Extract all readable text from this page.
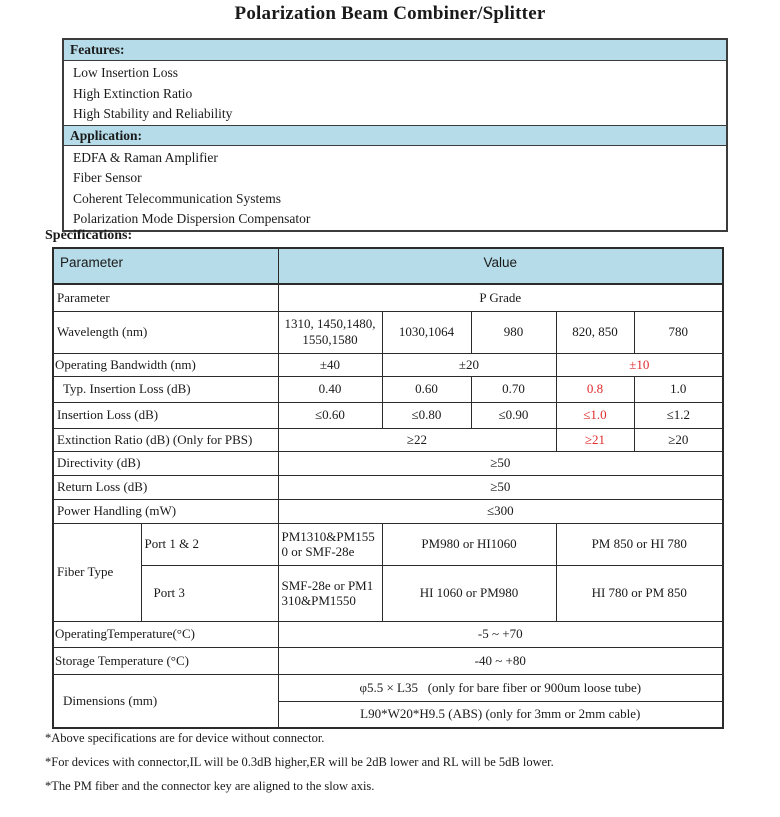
Polarization Beam Combiner/Splitter
Features:
Low Insertion Loss
High Extinction Ratio
High Stability and Reliability
Application:
EDFA & Raman Amplifier
Fiber Sensor
Coherent Telecommunication Systems
Polarization Mode Dispersion Compensator
Specifications:
Parameter		Value				
Parameter		P Grade				
Wavelength (nm)		1310, 1450,1480, 1550,1580	1030,1064	980	820, 850	780
Operating Bandwidth (nm)		±40	±20		±10	
Typ. Insertion Loss (dB)		0.40	0.60	0.70	0.8	1.0
Insertion Loss (dB)		≤0.60	≤0.80	≤0.90	≤1.0	≤1.2
Extinction Ratio (dB) (Only for PBS)		≥22			≥21	≥20
Directivity (dB)		≥50				
Return Loss (dB)		≥50				
Power Handling (mW)		≤300				
Fiber Type	Port 1 & 2	PM1310&PM1550 or SMF-28e	PM980 or HI1060		PM 850 or HI 780	
	Port 3	SMF-28e or PM1310&PM1550	HI 1060 or PM980		HI 780 or PM 850	
OperatingTemperature(°C)		-5 ~ +70				
Storage Temperature (°C)		-40 ~ +80				
Dimensions (mm)		φ5.5 × L35   (only for bare fiber or 900um loose tube)				
		L90*W20*H9.5 (ABS) (only for 3mm or 2mm cable)				
*Above specifications are for device without connector.
*For devices with connector,IL will be 0.3dB higher,ER will be 2dB lower and RL will be 5dB lower.
*The PM fiber and the connector key are aligned to the slow axis.
